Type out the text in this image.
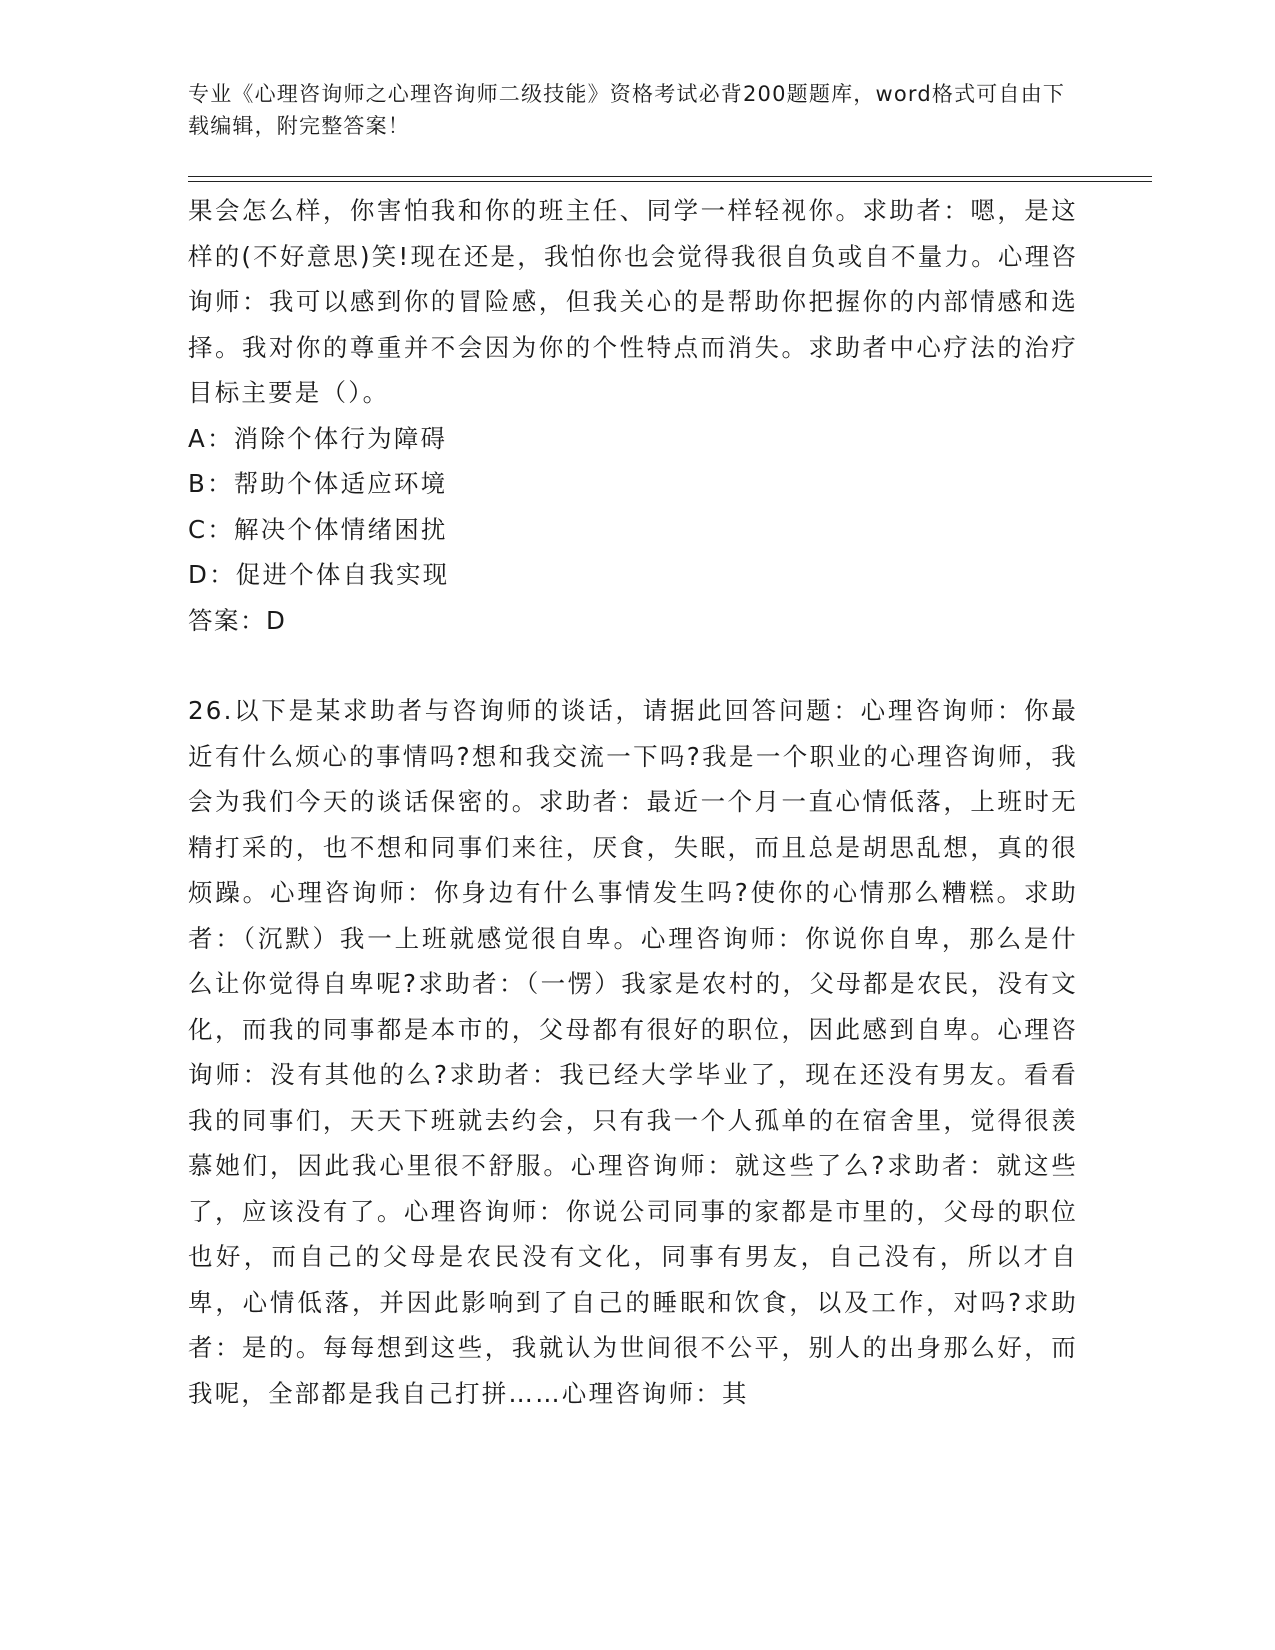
专业《心理咨询师之心理咨询师二级技能》资格考试必背200题题库，word格式可自由下载编辑，附完整答案！

果会怎么样，你害怕我和你的班主任、同学一样轻视你。求助者：嗯，是这样的(不好意思)笑!现在还是，我怕你也会觉得我很自负或自不量力。心理咨询师：我可以感到你的冒险感，但我关心的是帮助你把握你的内部情感和选择。我对你的尊重并不会因为你的个性特点而消失。求助者中心疗法的治疗目标主要是（）。

A：消除个体行为障碍
B：帮助个体适应环境
C：解决个体情绪困扰
D：促进个体自我实现

答案：D

26.以下是某求助者与咨询师的谈话，请据此回答问题：心理咨询师：你最近有什么烦心的事情吗?想和我交流一下吗?我是一个职业的心理咨询师，我会为我们今天的谈话保密的。求助者：最近一个月一直心情低落，上班时无精打采的，也不想和同事们来往，厌食，失眠，而且总是胡思乱想，真的很烦躁。心理咨询师：你身边有什么事情发生吗?使你的心情那么糟糕。求助者：（沉默）我一上班就感觉很自卑。心理咨询师：你说你自卑，那么是什么让你觉得自卑呢?求助者：（一愣）我家是农村的，父母都是农民，没有文化，而我的同事都是本市的，父母都有很好的职位，因此感到自卑。心理咨询师：没有其他的么?求助者：我已经大学毕业了，现在还没有男友。看看我的同事们，天天下班就去约会，只有我一个人孤单的在宿舍里，觉得很羡慕她们，因此我心里很不舒服。心理咨询师：就这些了么?求助者：就这些了，应该没有了。心理咨询师：你说公司同事的家都是市里的，父母的职位也好，而自己的父母是农民没有文化，同事有男友，自己没有，所以才自卑，心情低落，并因此影响到了自己的睡眠和饮食，以及工作，对吗?求助者：是的。每每想到这些，我就认为世间很不公平，别人的出身那么好，而我呢，全部都是我自己打拼……心理咨询师：其
